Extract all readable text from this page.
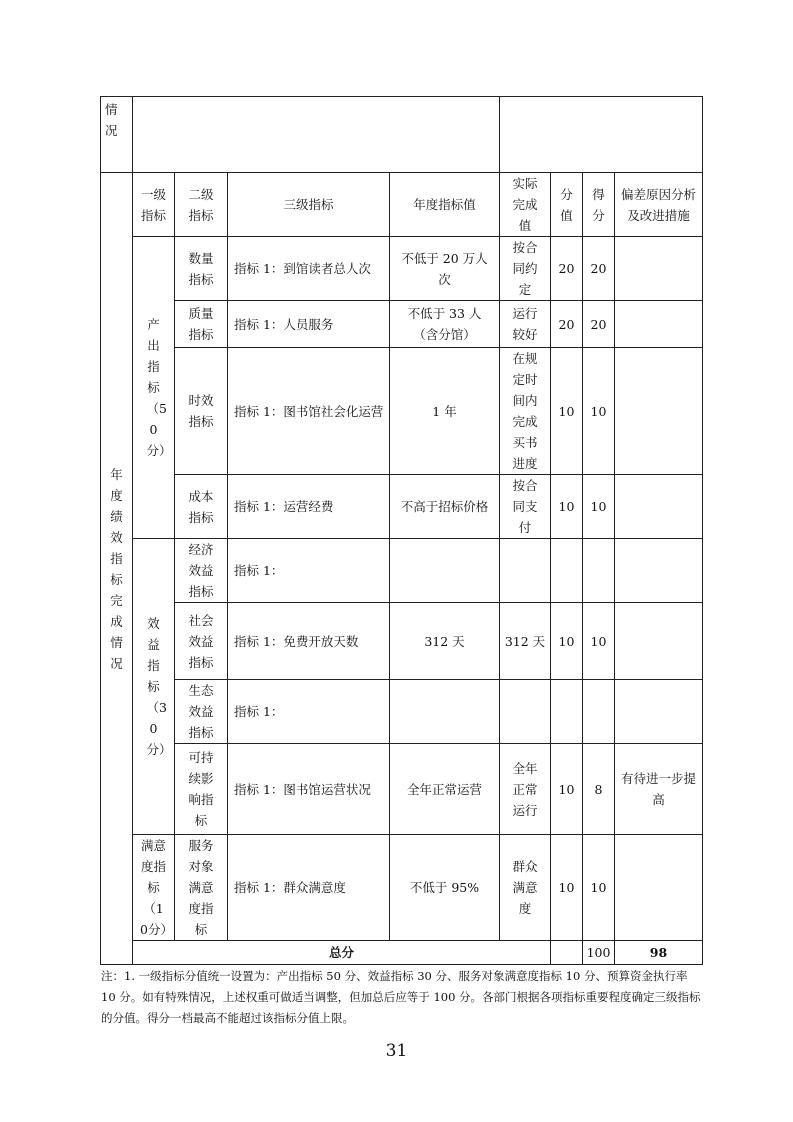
情况									
年度绩效指标完成情况	一级指标	二级指标	三级指标	年度指标值	实际完成值	分值	得分	偏差原因分析及改进措施	
	产出指标（50分）	数量指标	指标 1：到馆读者总人次	不低于 20 万人次	按合同约定	20	20		
		质量指标	指标 1：人员服务	不低于 33 人（含分馆）	运行较好	20	20		
		时效指标	指标 1：图书馆社会化运营	1 年	在规定时间内完成买书进度	10	10		
		成本指标	指标 1：运营经费	不高于招标价格	按合同支付	10	10		
	效益指标（30分）	经济效益指标	指标 1：						
		社会效益指标	指标 1：免费开放天数	312 天	312 天	10	10		
		生态效益指标	指标 1：						
		可持续影响指标	指标 1：图书馆运营状况	全年正常运营	全年正常运行	10	8	有待进一步提高	
	满意度指标（10分）	服务对象满意度指标	指标 1：群众满意度	不低于 95%	群众满意度	10	10		
	总分						100	98	
注：1. 一级指标分值统一设置为：产出指标 50 分、效益指标 30 分、服务对象满意度指标 10 分、预算资金执行率 10 分。如有特殊情况，上述权重可做适当调整，但加总后应等于 100 分。各部门根据各项指标重要程度确定三级指标的分值。得分一档最高不能超过该指标分值上限。
31
